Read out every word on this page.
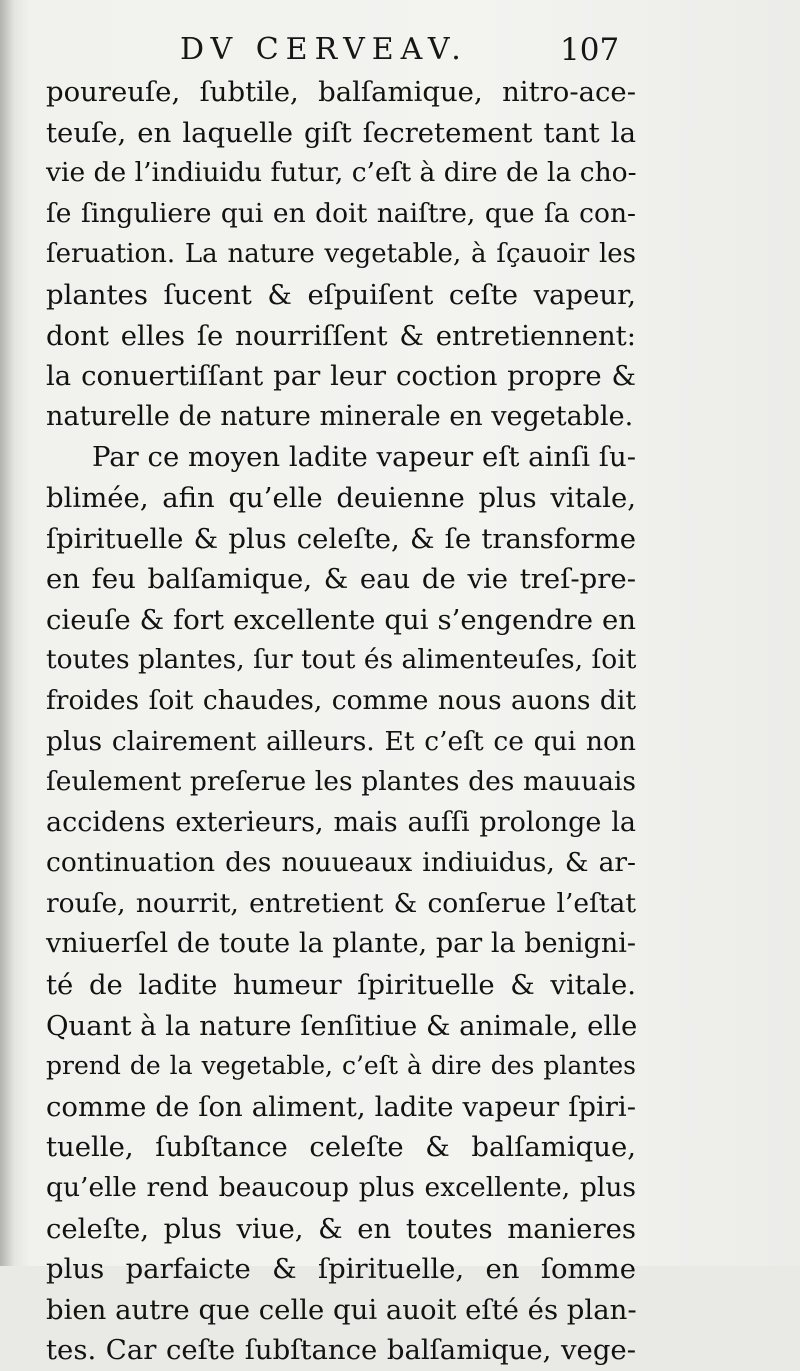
DV CERVEAV.	107
poureuſe, ſubtile, balſamique, nitro-ace-
teuſe, en laquelle giſt ſecretement tant la
vie de l’indiuidu futur, c’eſt à dire de la cho-
ſe ſinguliere qui en doit naiſtre, que ſa con-
ſeruation. La nature vegetable, à ſçauoir les
plantes ſucent & eſpuiſent ceſte vapeur,
dont elles ſe nourriſſent & entretiennent:
la conuertiſſant par leur coction propre &
naturelle de nature minerale en vegetable.
Par ce moyen ladite vapeur eſt ainſi ſu-
blimée, afin qu’elle deuienne plus vitale,
ſpirituelle & plus celeſte, & ſe transforme
en feu balſamique, & eau de vie treſ-pre-
cieuſe & fort excellente qui s’engendre en
toutes plantes, ſur tout és alimenteuſes, ſoit
froides ſoit chaudes, comme nous auons dit
plus clairement ailleurs. Et c’eſt ce qui non
ſeulement preſerue les plantes des mauuais
accidens exterieurs, mais auſſi prolonge la
continuation des nouueaux indiuidus, & ar-
rouſe, nourrit, entretient & conſerue l’eſtat
vniuerſel de toute la plante, par la benigni-
té de ladite humeur ſpirituelle & vitale.
Quant à la nature ſenſitiue & animale, elle
prend de la vegetable, c’eſt à dire des plantes
comme de ſon aliment, ladite vapeur ſpiri-
tuelle, ſubſtance celeſte & balſamique,
qu’elle rend beaucoup plus excellente, plus
celeſte, plus viue, & en toutes manieres
plus parfaicte & ſpirituelle, en ſomme
bien autre que celle qui auoit eſté és plan-
tes. Car ceſte ſubſtance balſamique, vege-
